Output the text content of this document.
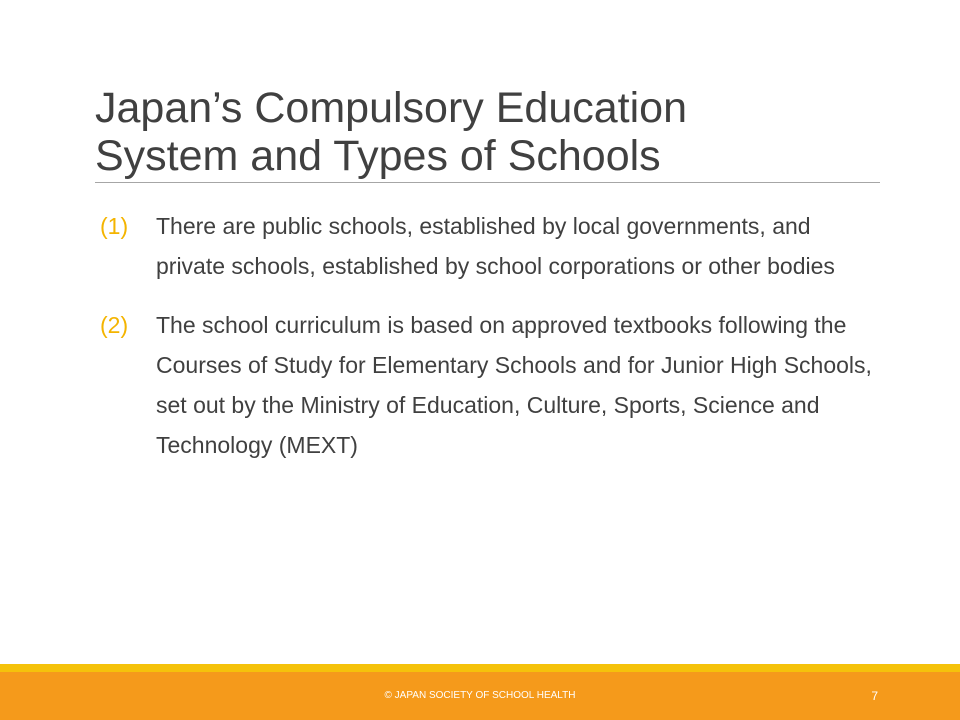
Japan’s Compulsory Education
System and Types of Schools
(1)	There are public schools, established by local governments, and private schools, established by school corporations or other bodies
(2)	The school curriculum is based on approved textbooks following the Courses of Study for Elementary Schools and for Junior High Schools, set out by the Ministry of Education, Culture, Sports, Science and Technology (MEXT)
© JAPAN SOCIETY OF SCHOOL HEALTH	7
